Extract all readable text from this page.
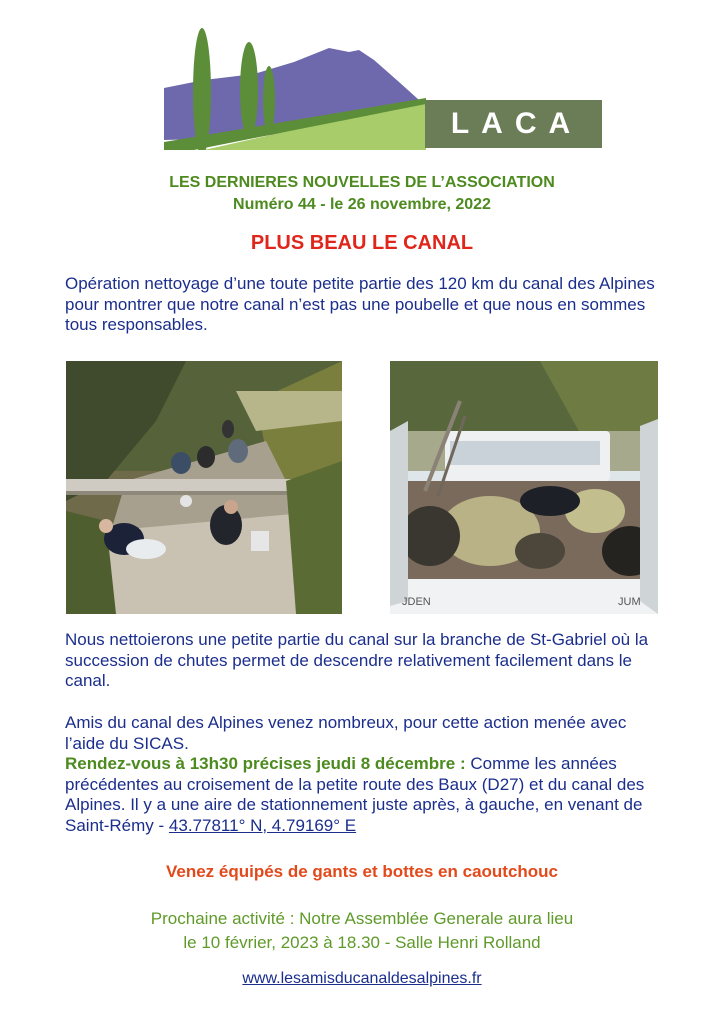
LACA
LES DERNIERES NOUVELLES DE L’ASSOCIATION
Numéro 44 - le 26 novembre, 2022
PLUS BEAU LE CANAL
Opération nettoyage d’une toute petite partie des 120 km du canal des Alpines pour montrer que notre canal n’est pas une poubelle et que nous en sommes tous responsables.
JDEN	JUM
Nous nettoierons une petite partie du canal sur la branche de St-Gabriel où la succession de chutes permet de descendre relativement facilement dans le canal.
Amis du canal des Alpines venez nombreux, pour cette action menée avec l’aide du SICAS.
Rendez-vous à 13h30 précises jeudi 8 décembre : Comme les années précédentes au croisement de la petite route des Baux (D27) et du canal des Alpines. Il y a une aire de stationnement juste après, à gauche, en venant de Saint-Rémy - 43.77811° N, 4.79169° E
Venez équipés de gants et bottes en caoutchouc
Prochaine activité : Notre Assemblée Generale aura lieu
le 10 février, 2023 à 18.30 - Salle Henri Rolland
www.lesamisducanaldesalpines.fr
